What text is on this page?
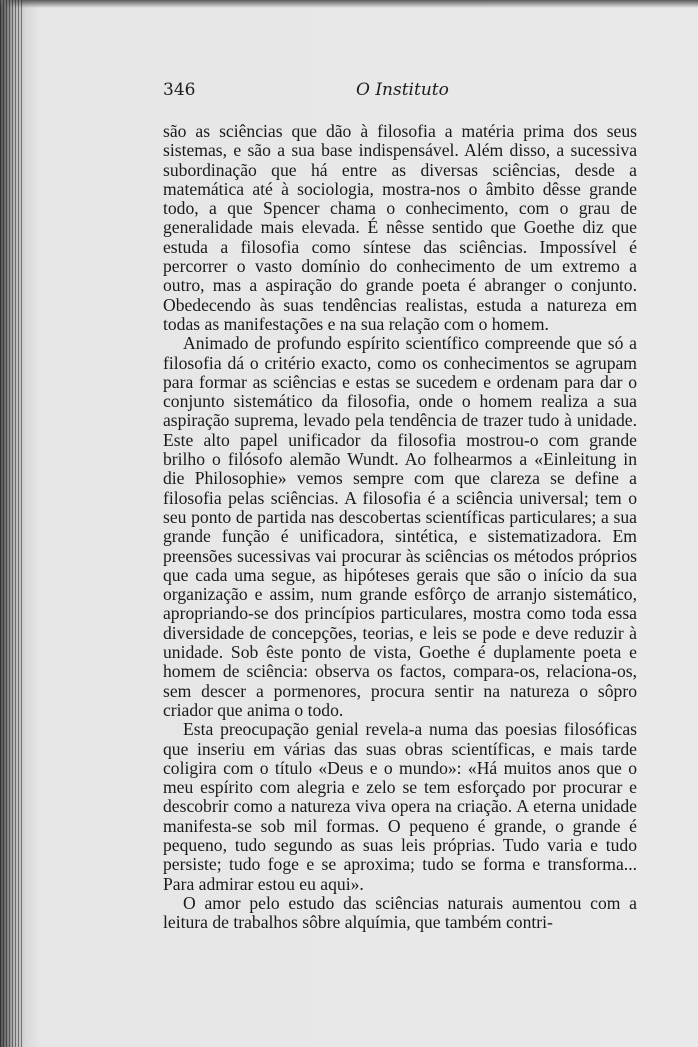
346	O Instituto

são as sciências que dão à filosofia a matéria prima dos seus sistemas, e são a sua base indispensável. Além disso, a sucessiva subordinação que há entre as diversas sciências, desde a matemática até à sociologia, mostra-nos o âmbito dêsse grande todo, a que Spencer chama o conhecimento, com o grau de generalidade mais elevada. É nêsse sentido que Goethe diz que estuda a filosofia como síntese das sciências. Impossível é percorrer o vasto domínio do conhecimento de um extremo a outro, mas a aspiração do grande poeta é abranger o conjunto. Obedecendo às suas tendências realistas, estuda a natureza em todas as manifestações e na sua relação com o homem.

Animado de profundo espírito scientífico compreende que só a filosofia dá o critério exacto, como os conhecimentos se agrupam para formar as sciências e estas se sucedem e ordenam para dar o conjunto sistemático da filosofia, onde o homem realiza a sua aspiração suprema, levado pela tendência de trazer tudo à unidade. Este alto papel unificador da filosofia mostrou-o com grande brilho o filósofo alemão Wundt. Ao folhearmos a «Einleitung in die Philosophie» vemos sempre com que clareza se define a filosofia pelas sciências. A filosofia é a sciência universal; tem o seu ponto de partida nas descobertas scientíficas particulares; a sua grande função é unificadora, sintética, e sistematizadora. Em preensões sucessivas vai procurar às sciências os métodos próprios que cada uma segue, as hipóteses gerais que são o início da sua organização e assim, num grande esfôrço de arranjo sistemático, apropriando-se dos princípios particulares, mostra como toda essa diversidade de concepções, teorias, e leis se pode e deve reduzir à unidade. Sob êste ponto de vista, Goethe é duplamente poeta e homem de sciência: observa os factos, compara-os, relaciona-os, sem descer a pormenores, procura sentir na natureza o sôpro criador que anima o todo.

Esta preocupação genial revela-a numa das poesias filosóficas que inseriu em várias das suas obras scientíficas, e mais tarde coligira com o título «Deus e o mundo»: «Há muitos anos que o meu espírito com alegria e zelo se tem esforçado por procurar e descobrir como a natureza viva opera na criação. A eterna unidade manifesta-se sob mil formas. O pequeno é grande, o grande é pequeno, tudo segundo as suas leis próprias. Tudo varia e tudo persiste; tudo foge e se aproxima; tudo se forma e transforma... Para admirar estou eu aqui».

O amor pelo estudo das sciências naturais aumentou com a leitura de trabalhos sôbre alquímia, que também contri-
